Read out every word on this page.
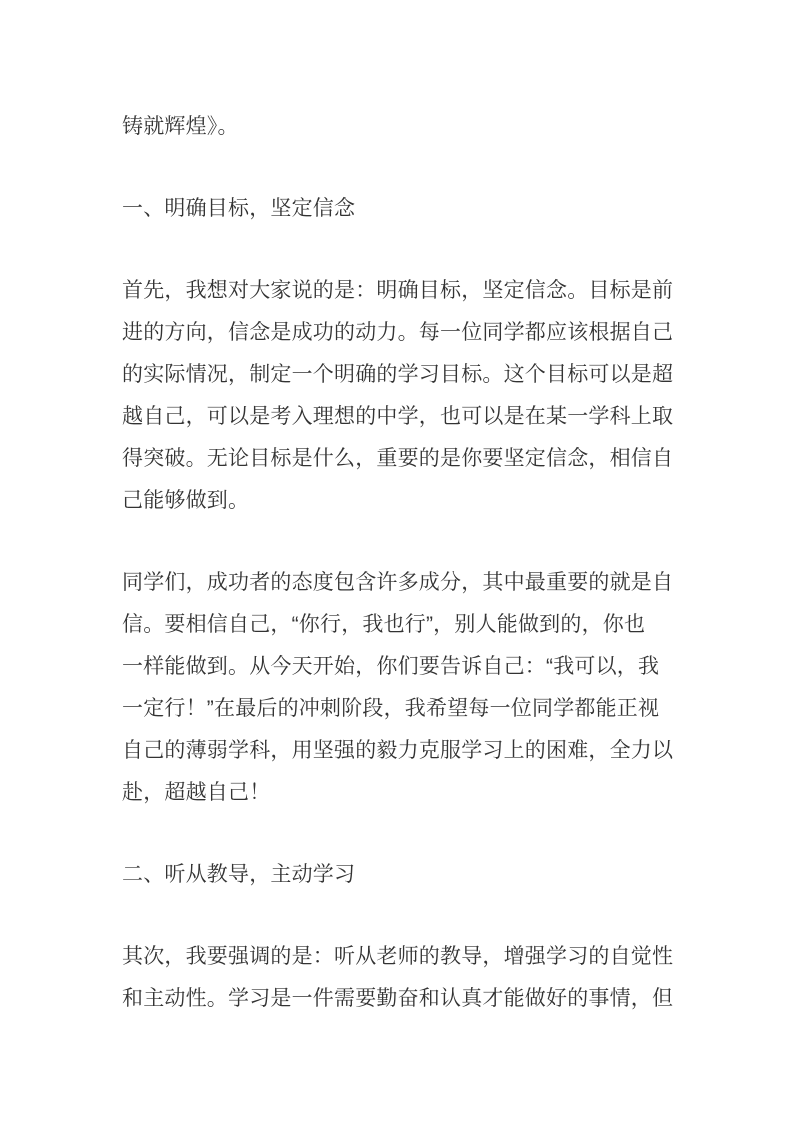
铸就辉煌》。
一、明确目标，坚定信念
首先，我想对大家说的是：明确目标，坚定信念。目标是前
进的方向，信念是成功的动力。每一位同学都应该根据自己
的实际情况，制定一个明确的学习目标。这个目标可以是超
越自己，可以是考入理想的中学，也可以是在某一学科上取
得突破。无论目标是什么，重要的是你要坚定信念，相信自
己能够做到。
同学们，成功者的态度包含许多成分，其中最重要的就是自
信。要相信自己，“你行，我也行”，别人能做到的，你也
一样能做到。从今天开始，你们要告诉自己：“我可以，我
一定行！”在最后的冲刺阶段，我希望每一位同学都能正视
自己的薄弱学科，用坚强的毅力克服学习上的困难，全力以
赴，超越自己！
二、听从教导，主动学习
其次，我要强调的是：听从老师的教导，增强学习的自觉性
和主动性。学习是一件需要勤奋和认真才能做好的事情，但
